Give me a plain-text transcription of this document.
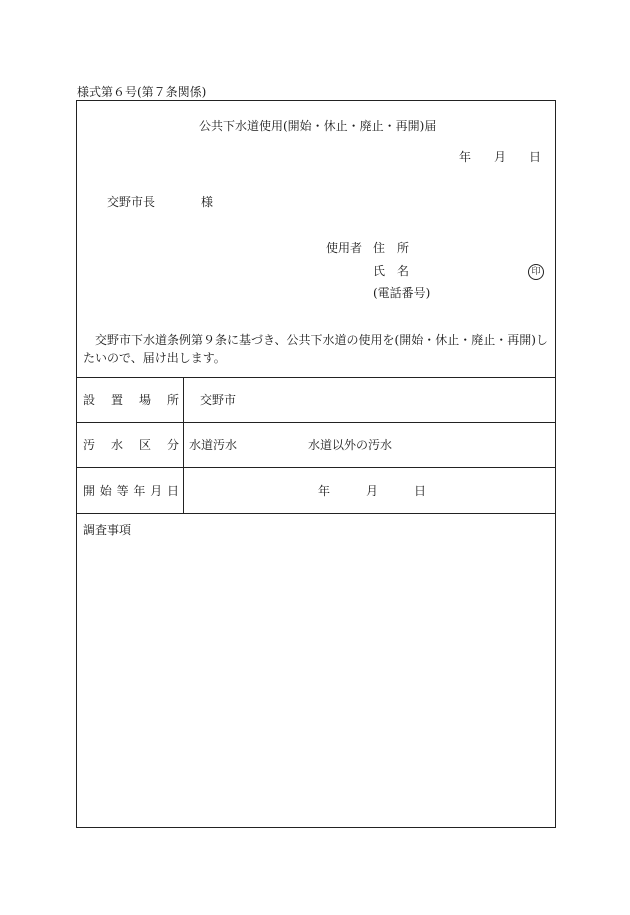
様式第６号(第７条関係)
公共下水道使用(開始・休止・廃止・再開)届
年 月 日
交野市長	様
使用者 住　所
氏　名	印
(電話番号)
　交野市下水道条例第９条に基づき、公共下水道の使用を(開始・休止・廃止・再開)したいので、届け出します。
設 置 場 所 交野市
汚 水 区 分 水道汚水	水道以外の汚水
開 始 等 年 月 日	年	月	日
調査事項
